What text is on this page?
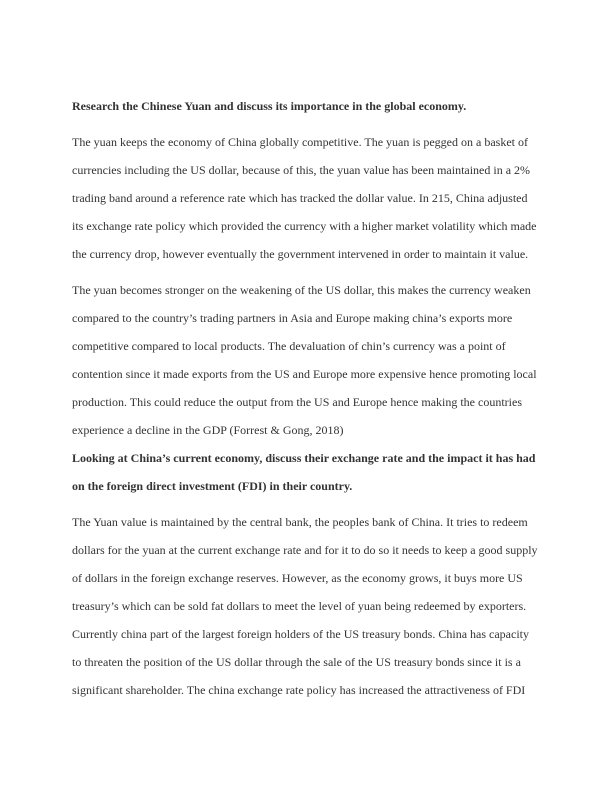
Research the Chinese Yuan and discuss its importance in the global economy.

The yuan keeps the economy of China globally competitive. The yuan is pegged on a basket of currencies including the US dollar, because of this, the yuan value has been maintained in a 2% trading band around a reference rate which has tracked the dollar value. In 215, China adjusted its exchange rate policy which provided the currency with a higher market volatility which made the currency drop, however eventually the government intervened in order to maintain it value.

The yuan becomes stronger on the weakening of the US dollar, this makes the currency weaken compared to the country’s trading partners in Asia and Europe making china’s exports more competitive compared to local products. The devaluation of chin’s currency was a point of contention since it made exports from the US and Europe more expensive hence promoting local production. This could reduce the output from the US and Europe hence making the countries experience a decline in the GDP (Forrest & Gong, 2018)

Looking at China’s current economy, discuss their exchange rate and the impact it has had on the foreign direct investment (FDI) in their country.

The Yuan value is maintained by the central bank, the peoples bank of China. It tries to redeem dollars for the yuan at the current exchange rate and for it to do so it needs to keep a good supply of dollars in the foreign exchange reserves. However, as the economy grows, it buys more US treasury’s which can be sold fat dollars to meet the level of yuan being redeemed by exporters. Currently china part of the largest foreign holders of the US treasury bonds. China has capacity to threaten the position of the US dollar through the sale of the US treasury bonds since it is a significant shareholder. The china exchange rate policy has increased the attractiveness of FDI
